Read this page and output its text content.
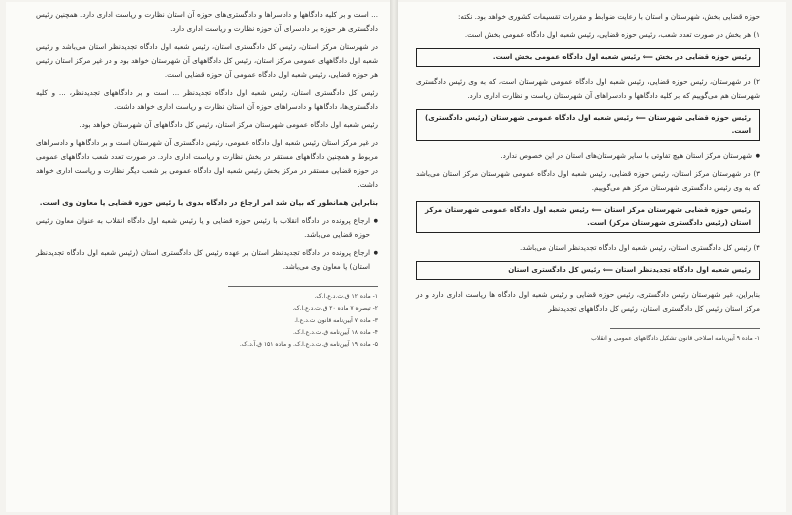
... است و بر کلیه دادگاهها و دادسراها و دادگستری‌های حوزه آن استان نظارت و ریاست اداری دارد. همچنین رئیس دادگستری هر حوزه بر دادسرای آن حوزه نظارت و ریاست اداری دارد.

در شهرستان مرکز استان، رئیس کل دادگستری استان، رئیس شعبه اول دادگاه تجدیدنظر استان می‌باشد و رئیس شعبه اول دادگاههای عمومی مرکز استان، رئیس کل دادگاههای آن شهرستان خواهد بود و در غیر مرکز استان رئیس هر حوزه قضایی، رئیس شعبه اول دادگاه عمومی آن حوزه قضایی است.

رئیس کل دادگستری استان، رئیس شعبه اول دادگاه تجدیدنظر ... است و بر دادگاههای تجدیدنظر، ... و کلیه دادگستری‌ها، دادگاهها و دادسراهای حوزه آن استان نظارت و ریاست اداری خواهد داشت.

رئیس شعبه اول دادگاه عمومی شهرستان مرکز استان، رئیس کل دادگاههای آن شهرستان خواهد بود.

در غیر مرکز استان رئیس شعبه اول دادگاه عمومی، رئیس دادگستری آن شهرستان است و بر دادگاهها و دادسراهای مربوط و همچنین دادگاههای مستقر در بخش نظارت و ریاست اداری دارد. در صورت تعدد شعب دادگاههای عمومی در حوزه قضایی مستقر در مرکز بخش رئیس شعبه اول دادگاه عمومی بر شعب دیگر نظارت و ریاست اداری خواهد داشت.

بنابراین همانطور که بیان شد امر ارجاع در دادگاه بدوی با رئیس حوزه قضایی یا معاون وی است.

● ارجاع پرونده در دادگاه انقلاب با رئیس حوزه قضایی و یا رئیس شعبه اول دادگاه انقلاب به عنوان معاون رئیس حوزه قضایی می‌باشد.

● ارجاع پرونده در دادگاه تجدیدنظر استان بر عهده رئیس کل دادگستری استان (رئیس شعبه اول دادگاه تجدیدنظر استان) یا معاون وی می‌باشد.

۱- ماده ۱۲ ق.ت.د.ع.ا.ک.
۲- تبصره ۷ ماده ۲۰ ق.ت.د.ع.ا.ک.
۳- ماده ۷ آیین‌نامه قانون ت.د.ع.ا.
۴- ماده ۱۸ آیین‌نامه ق.ت.د.ع.ا.ک.
۵- ماده ۱۹ آیین‌نامه ق.ت.د.ع.ا.ک. و ماده ۱۵۱ ق.آ.د.ک.

حوزه قضایی بخش، شهرستان و استان با رعایت ضوابط و مقررات تقسیمات کشوری خواهد بود. نکته:

۱) هر بخش در صورت تعدد شعب، رئیس حوزه قضایی، رئیس شعبه اول دادگاه عمومی بخش است.

رئیس حوزه قضایی در بخش ⟸ رئیس شعبه اول دادگاه عمومی بخش است.

۲) در شهرستان، رئیس حوزه قضایی، رئیس شعبه اول دادگاه عمومی شهرستان است، که به وی رئیس دادگستری شهرستان هم می‌گوییم که بر کلیه دادگاهها و دادسراهای آن شهرستان ریاست و نظارت اداری دارد.

رئیس حوزه قضایی شهرستان ⟸ رئیس شعبه اول دادگاه عمومی شهرستان (رئیس دادگستری) است.

● شهرستان مرکز استان هیچ تفاوتی با سایر شهرستان‌های استان در این خصوص ندارد.

۳) در شهرستان مرکز استان، رئیس حوزه قضایی، رئیس شعبه اول دادگاه عمومی شهرستان مرکز استان می‌باشد که به وی رئیس دادگستری شهرستان مرکز هم می‌گوییم.

رئیس حوزه قضایی شهرستان مرکز استان ⟸ رئیس شعبه اول دادگاه عمومی شهرستان مرکز استان (رئیس دادگستری شهرستان مرکز) است.

۴) رئیس کل دادگستری استان، رئیس شعبه اول دادگاه تجدیدنظر استان می‌باشد.

رئیس شعبه اول دادگاه تجدیدنظر استان ⟸ رئیس کل دادگستری استان

بنابراین، غیر شهرستان رئیس دادگستری، رئیس حوزه قضایی و رئیس شعبه اول دادگاه ها ریاست اداری دارد و در مرکز استان رئیس کل دادگستری استان، رئیس کل دادگاههای تجدیدنظر

۱- ماده ۹ آیین‌نامه اصلاحی قانون تشکیل دادگاههای عمومی و انقلاب
